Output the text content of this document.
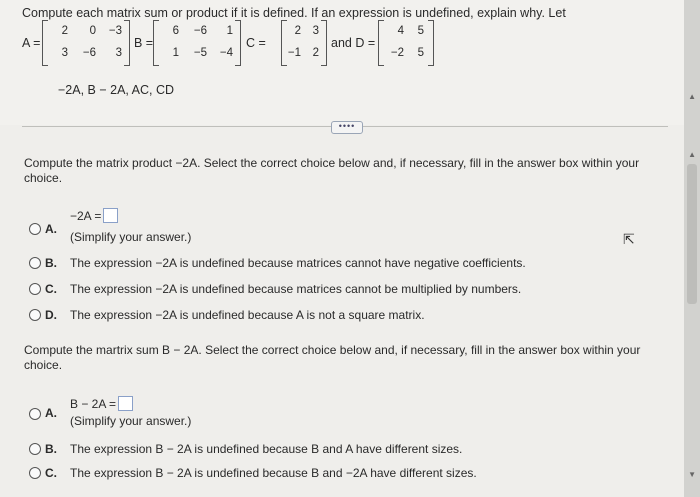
Compute each matrix sum or product if it is defined. If an expression is undefined, explain why. Let
A =
2	0	−3
3	−6	3
B =
6	−6	1
1	−5	−4
C =
2	3
−1	2
and D =
4	5
−2	5
−2A, B − 2A, AC, CD
••••
Compute the matrix product −2A. Select the correct choice below and, if necessary, fill in the answer box within your choice.
A.
−2A =
(Simplify your answer.)
B. The expression −2A is undefined because matrices cannot have negative coefficients.
C. The expression −2A is undefined because matrices cannot be multiplied by numbers.
D. The expression −2A is undefined because A is not a square matrix.
Compute the martrix sum B − 2A. Select the correct choice below and, if necessary, fill in the answer box within your choice.
A.
B − 2A =
(Simplify your answer.)
B. The expression B − 2A is undefined because B and A have different sizes.
C. The expression B − 2A is undefined because B and −2A have different sizes.
⇱
▲
▲
▼
